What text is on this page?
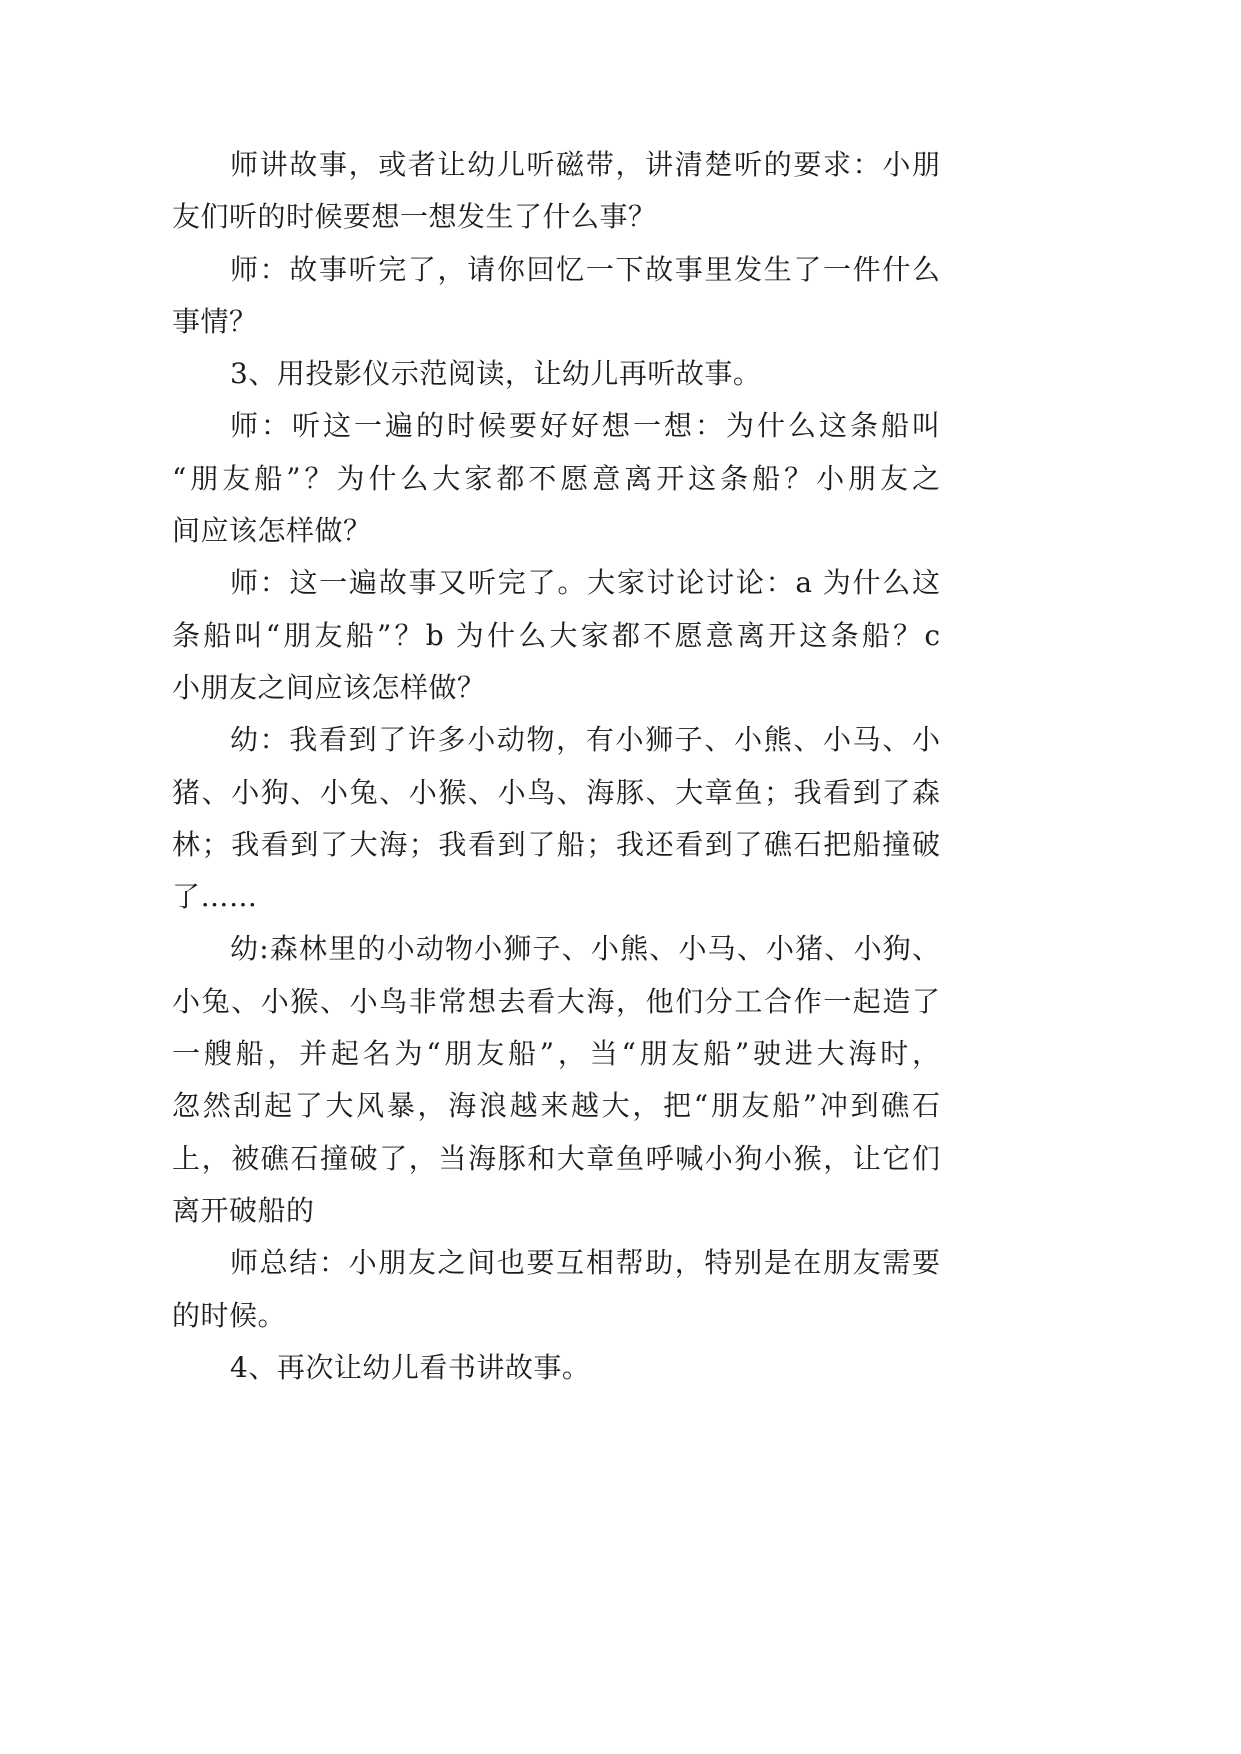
师讲故事，或者让幼儿听磁带，讲清楚听的要求：小朋
友们听的时候要想一想发生了什么事？
师：故事听完了，请你回忆一下故事里发生了一件什么
事情？
3、用投影仪示范阅读，让幼儿再听故事。
师：听这一遍的时候要好好想一想：为什么这条船叫
“朋友船”？为什么大家都不愿意离开这条船？小朋友之
间应该怎样做？
师：这一遍故事又听完了。大家讨论讨论：a 为什么这
条船叫“朋友船”？b 为什么大家都不愿意离开这条船？c
小朋友之间应该怎样做？
幼：我看到了许多小动物，有小狮子、小熊、小马、小
猪、小狗、小兔、小猴、小鸟、海豚、大章鱼；我看到了森
林；我看到了大海；我看到了船；我还看到了礁石把船撞破
了……
幼:森林里的小动物小狮子、小熊、小马、小猪、小狗、
小兔、小猴、小鸟非常想去看大海，他们分工合作一起造了
一艘船，并起名为“朋友船”，当“朋友船”驶进大海时，
忽然刮起了大风暴，海浪越来越大，把“朋友船”冲到礁石
上，被礁石撞破了，当海豚和大章鱼呼喊小狗小猴，让它们
离开破船的
师总结：小朋友之间也要互相帮助，特别是在朋友需要
的时候。
4、再次让幼儿看书讲故事。
